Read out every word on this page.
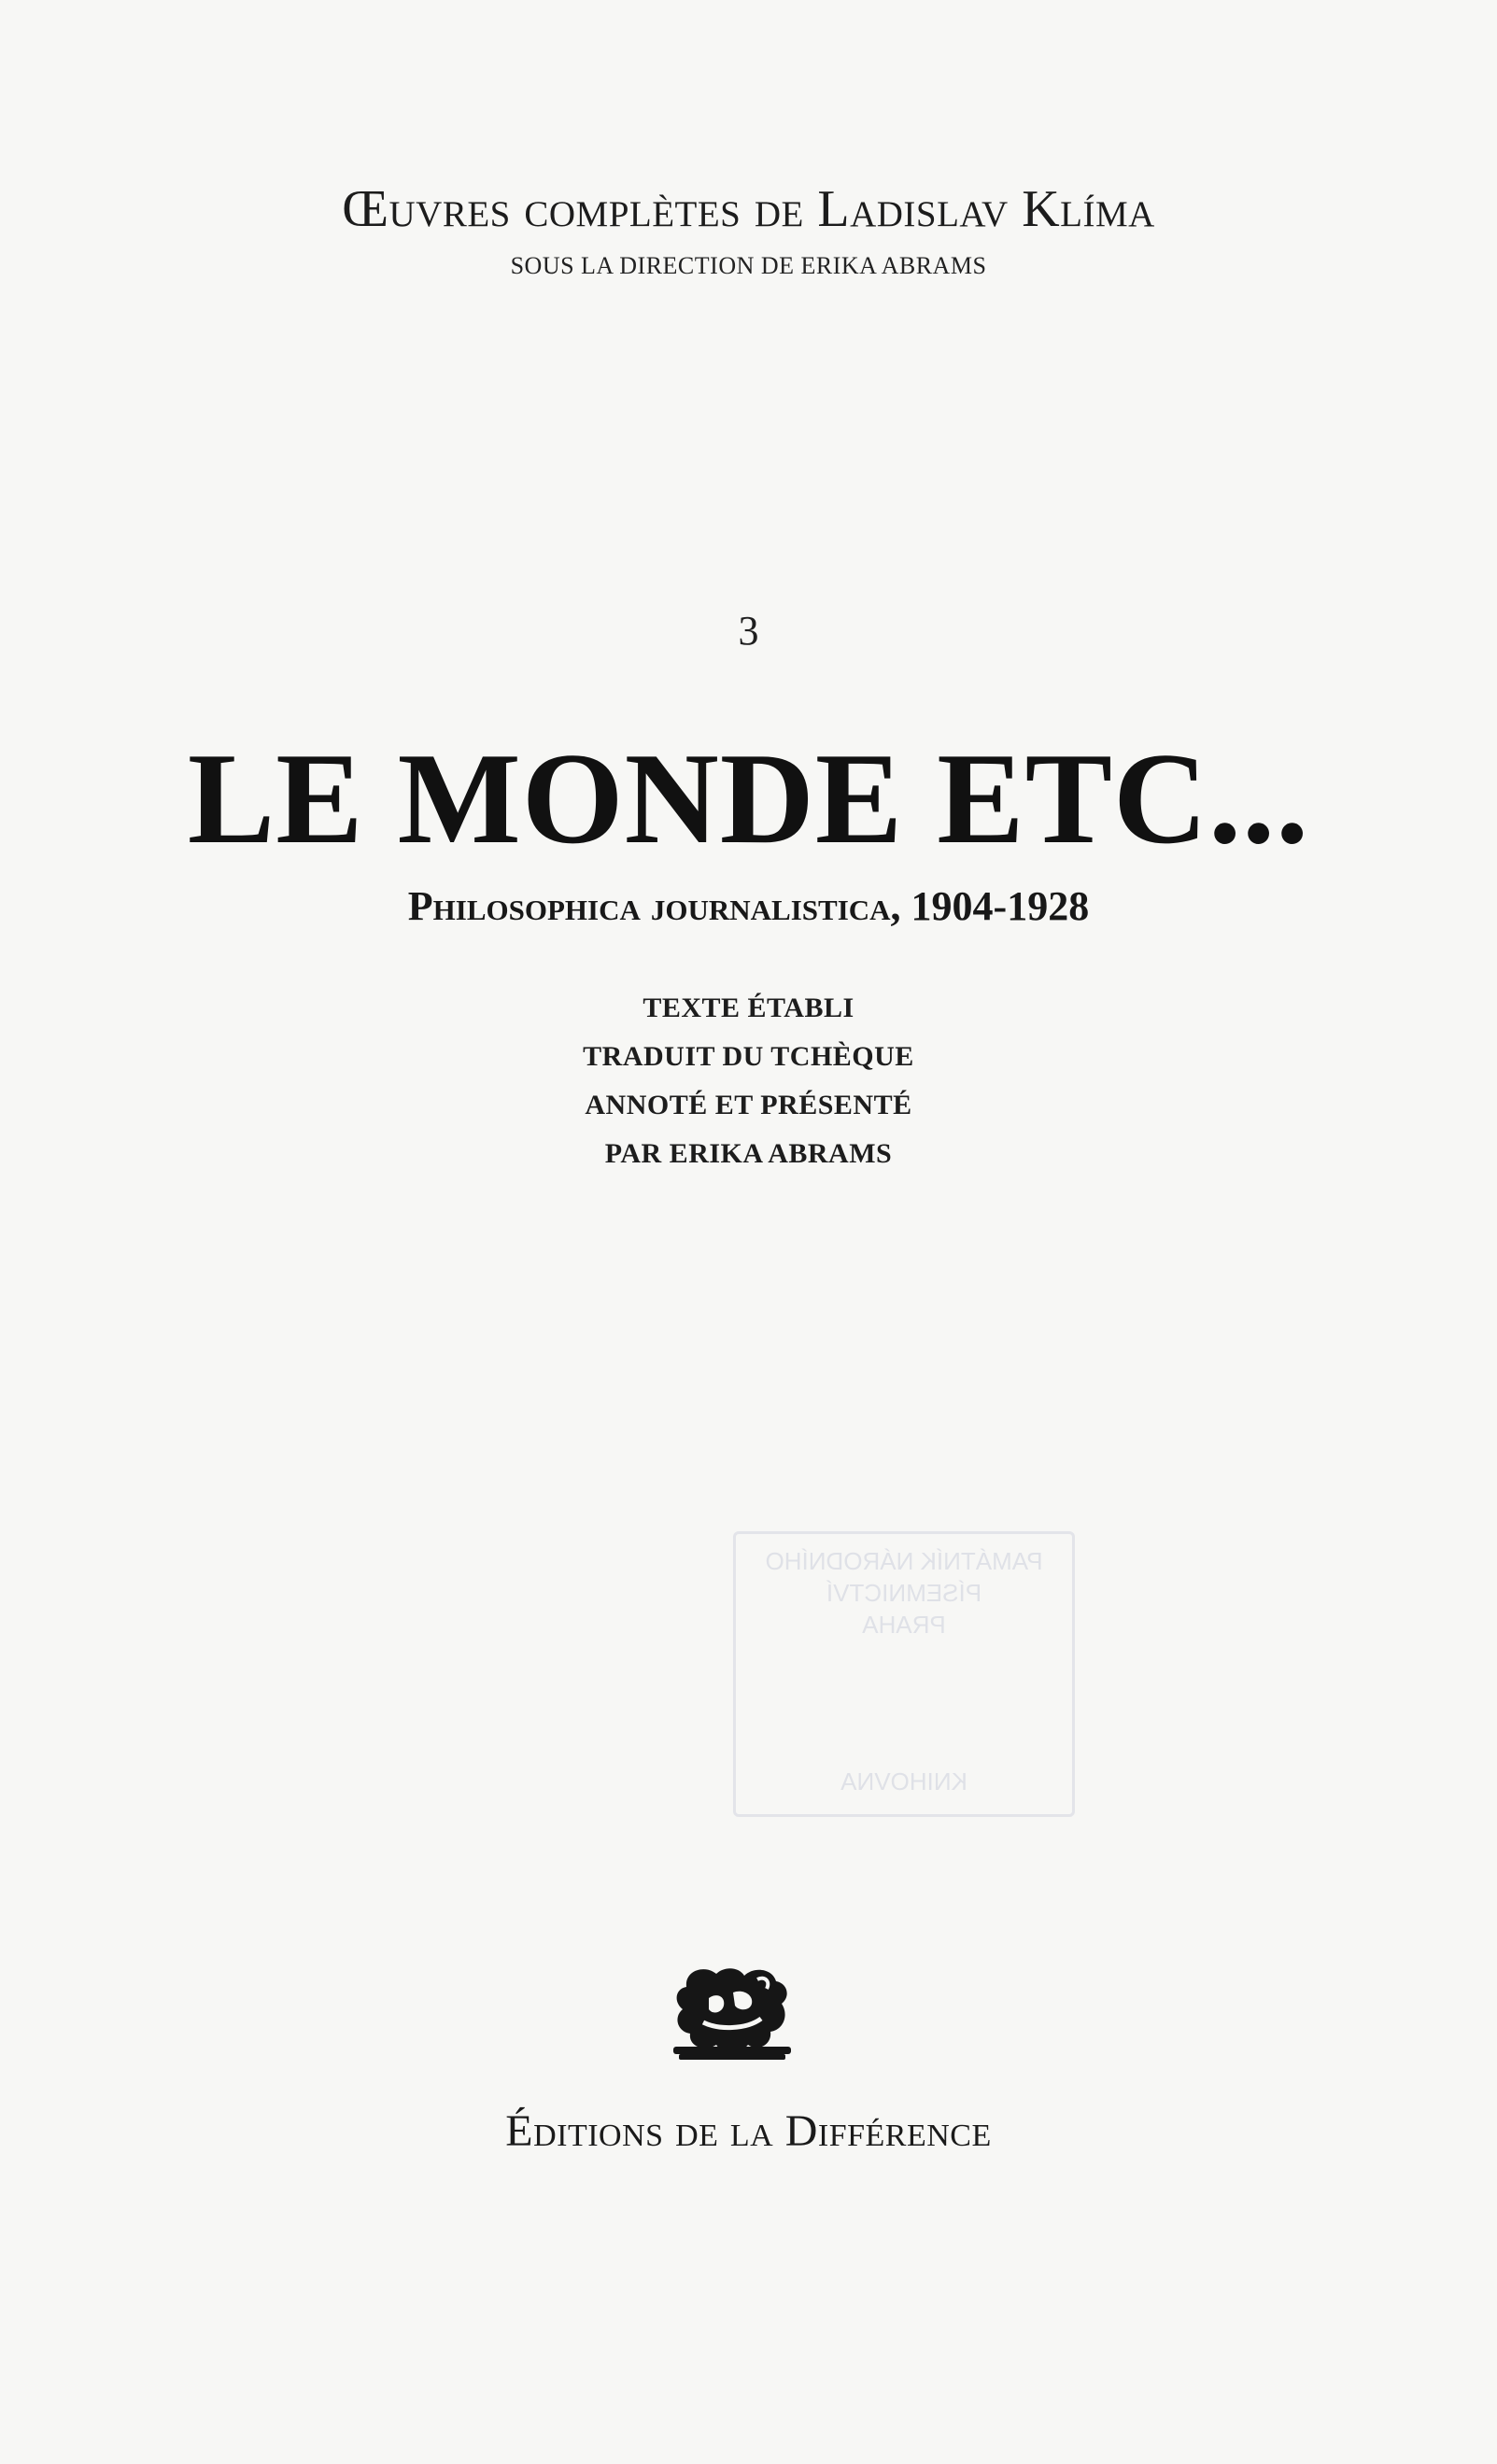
PAMÁTNÍK NÁRODNÍHO
PÍSEMNICTVÍ
PRAHA
KNIHOVNA
Œuvres complètes de Ladislav Klíma
SOUS LA DIRECTION DE ERIKA ABRAMS
3
LE MONDE ETC...
Philosophica journalistica, 1904-1928
TEXTE ÉTABLI
TRADUIT DU TCHÈQUE
ANNOTÉ ET PRÉSENTÉ
PAR ERIKA ABRAMS
Éditions de la Différence
